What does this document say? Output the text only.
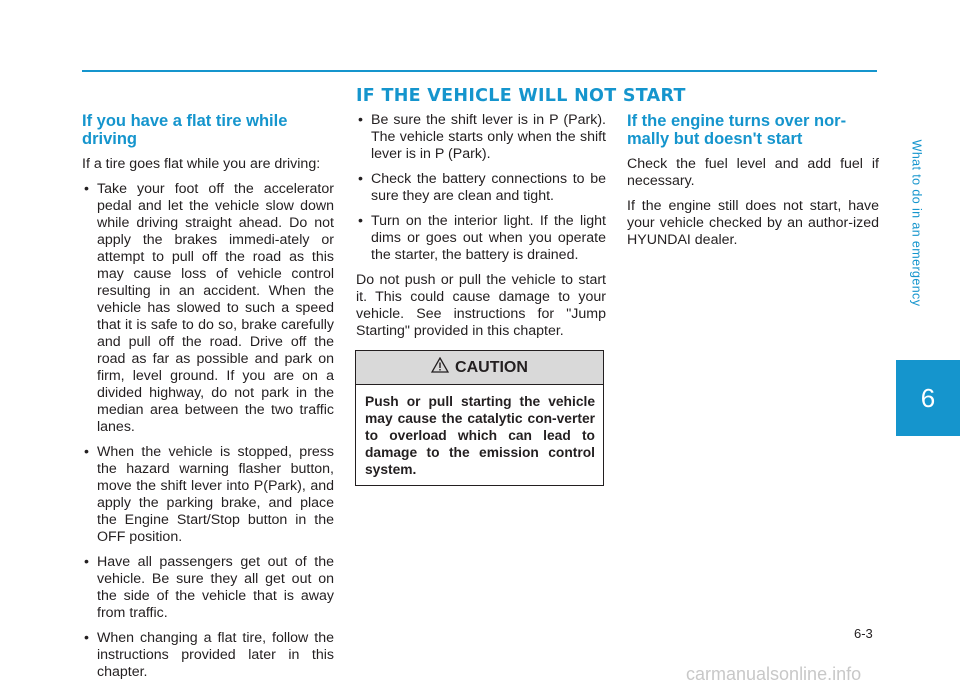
IF THE VEHICLE WILL NOT START
If you have a flat tire while driving

If a tire goes flat while you are driving:

• Take your foot off the accelerator pedal and let the vehicle slow down while driving straight ahead. Do not apply the brakes immedi-ately or attempt to pull off the road as this may cause loss of vehicle control resulting in an accident. When the vehicle has slowed to such a speed that it is safe to do so, brake carefully and pull off the road. Drive off the road as far as possible and park on firm, level ground. If you are on a divided highway, do not park in the median area between the two traffic lanes.
• When the vehicle is stopped, press the hazard warning flasher button, move the shift lever into P(Park), and apply the parking brake, and place the Engine Start/Stop button in the OFF position.
• Have all passengers get out of the vehicle. Be sure they all get out on the side of the vehicle that is away from traffic.
• When changing a flat tire, follow the instructions provided later in this chapter.
• Be sure the shift lever is in P (Park). The vehicle starts only when the shift lever is in P (Park).
• Check the battery connections to be sure they are clean and tight.
• Turn on the interior light. If the light dims or goes out when you operate the starter, the battery is drained.

Do not push or pull the vehicle to start it. This could cause damage to your vehicle. See instructions for "Jump Starting" provided in this chapter.

CAUTION
Push or pull starting the vehicle may cause the catalytic con-verter to overload which can lead to damage to the emission control system.
If the engine turns over nor-mally but doesn't start

Check the fuel level and add fuel if necessary.

If the engine still does not start, have your vehicle checked by an author-ized HYUNDAI dealer.	What to do in an emergency
6
6-3
carmanualsonline.info
